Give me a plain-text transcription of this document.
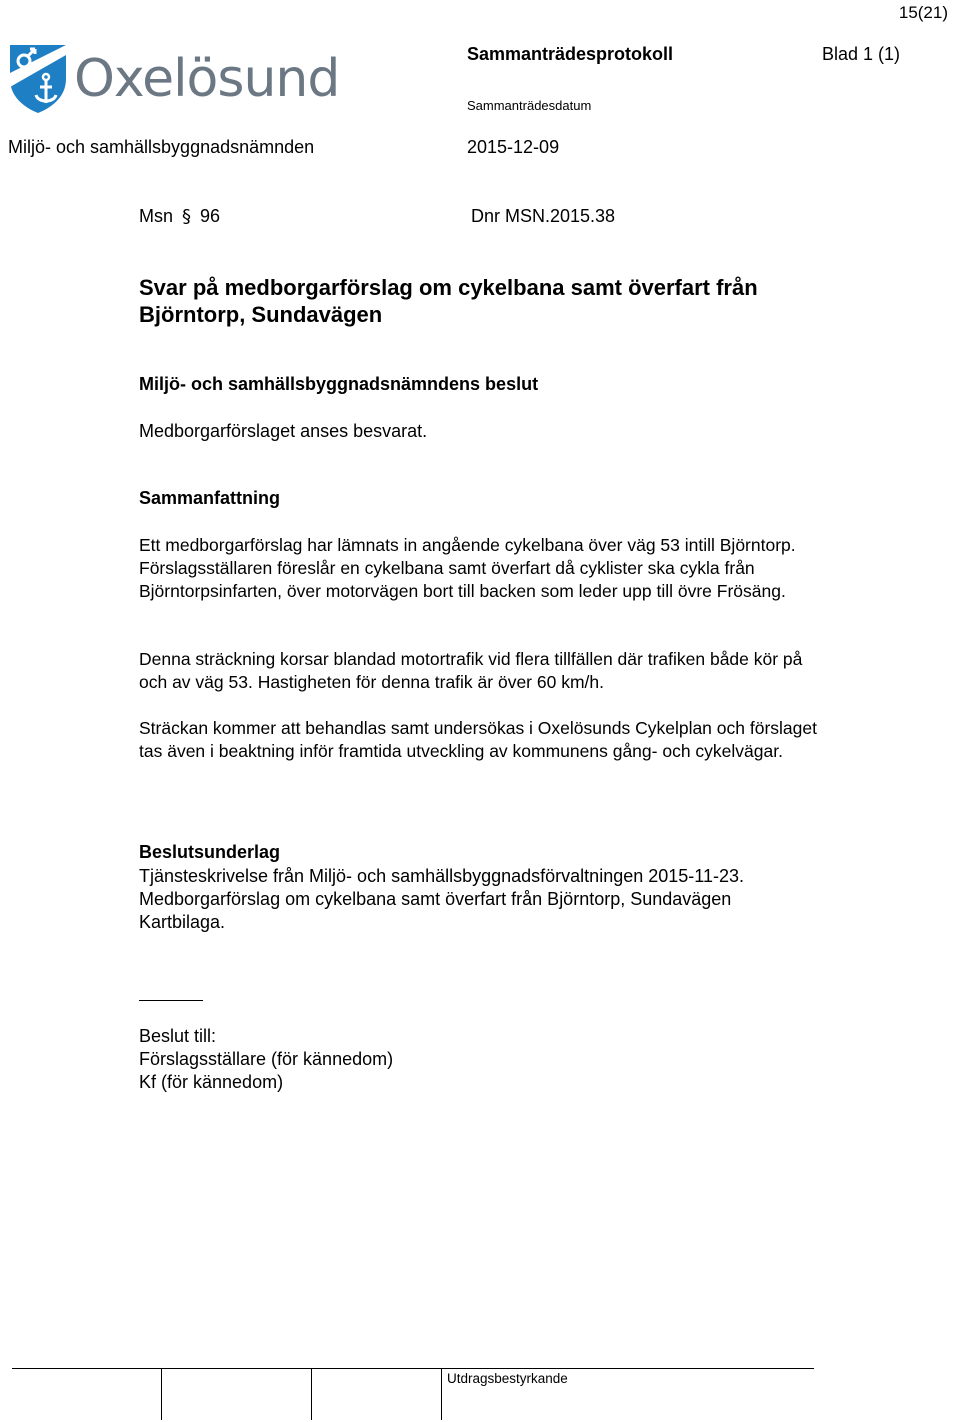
15(21)
Oxelösund	Sammanträdesprotokoll	Blad 1 (1)
Sammanträdesdatum
Miljö- och samhällsbyggnadsnämnden	2015-12-09
Msn § 96	Dnr MSN.2015.38
Svar på medborgarförslag om cykelbana samt överfart från
Björntorp, Sundavägen
Miljö- och samhällsbyggnadsnämndens beslut
Medborgarförslaget anses besvarat.
Sammanfattning
Ett medborgarförslag har lämnats in angående cykelbana över väg 53 intill Björntorp. Förslagsställaren föreslår en cykelbana samt överfart då cyklister ska cykla från Björntorpsinfarten, över motorvägen bort till backen som leder upp till övre Frösäng.
Denna sträckning korsar blandad motortrafik vid flera tillfällen där trafiken både kör på och av väg 53. Hastigheten för denna trafik är över 60 km/h.
Sträckan kommer att behandlas samt undersökas i Oxelösunds Cykelplan och förslaget tas även i beaktning inför framtida utveckling av kommunens gång- och cykelvägar.
Beslutsunderlag
Tjänsteskrivelse från Miljö- och samhällsbyggnadsförvaltningen 2015-11-23.
Medborgarförslag om cykelbana samt överfart från Björntorp, Sundavägen
Kartbilaga.
Beslut till:
Förslagsställare (för kännedom)
Kf (för kännedom)
Utdragsbestyrkande
